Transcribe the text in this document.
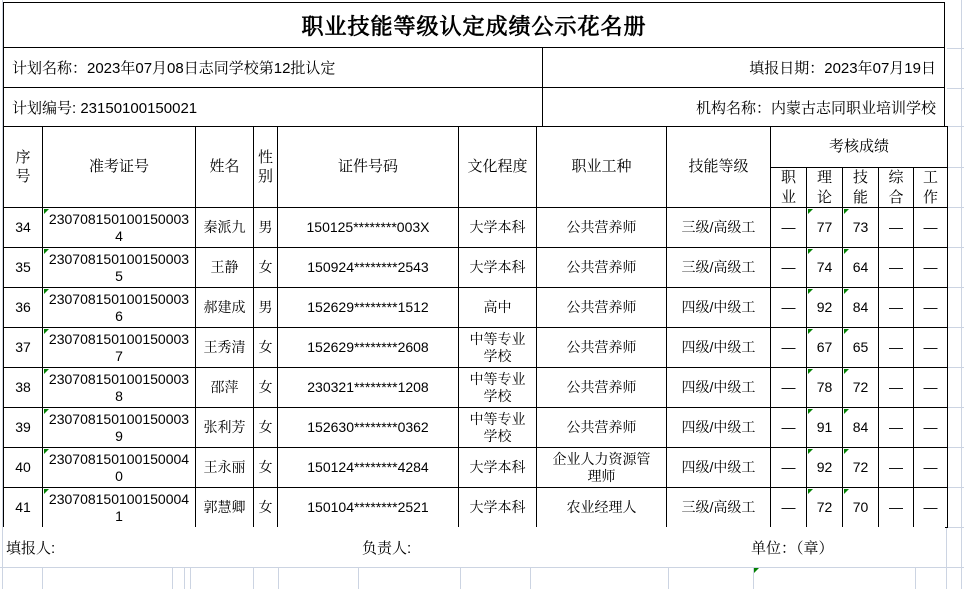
职业技能等级认定成绩公示花名册
计划名称：2023年07月08日志同学校第12批认定	填报日期：2023年07月19日
计划编号: 23150100150021	机构名称：内蒙古志同职业培训学校
序号	准考证号	姓名	性别	证件号码	文化程度	职业工种	技能等级	考核成绩				
								职业	理论	技能	综合	工作
34	2307081501001500034	秦派九	男	150125********003X	大学本科	公共营养师	三级/高级工	—	77	73	—	—
35	2307081501001500035	王静	女	150924********2543	大学本科	公共营养师	三级/高级工	—	74	64	—	—
36	2307081501001500036	郝建成	男	152629********1512	高中	公共营养师	四级/中级工	—	92	84	—	—
37	2307081501001500037	王秀清	女	152629********2608	中等专业学校	公共营养师	四级/中级工	—	67	65	—	—
38	2307081501001500038	邵萍	女	230321********1208	中等专业学校	公共营养师	四级/中级工	—	78	72	—	—
39	2307081501001500039	张利芳	女	152630********0362	中等专业学校	公共营养师	四级/中级工	—	91	84	—	—
40	2307081501001500040	王永丽	女	150124********4284	大学本科	企业人力资源管理师	四级/中级工	—	92	72	—	—
41	2307081501001500041	郭慧卿	女	150104********2521	大学本科	农业经理人	三级/高级工	—	72	70	—	—
填报人:	负责人:	单位：（章）
